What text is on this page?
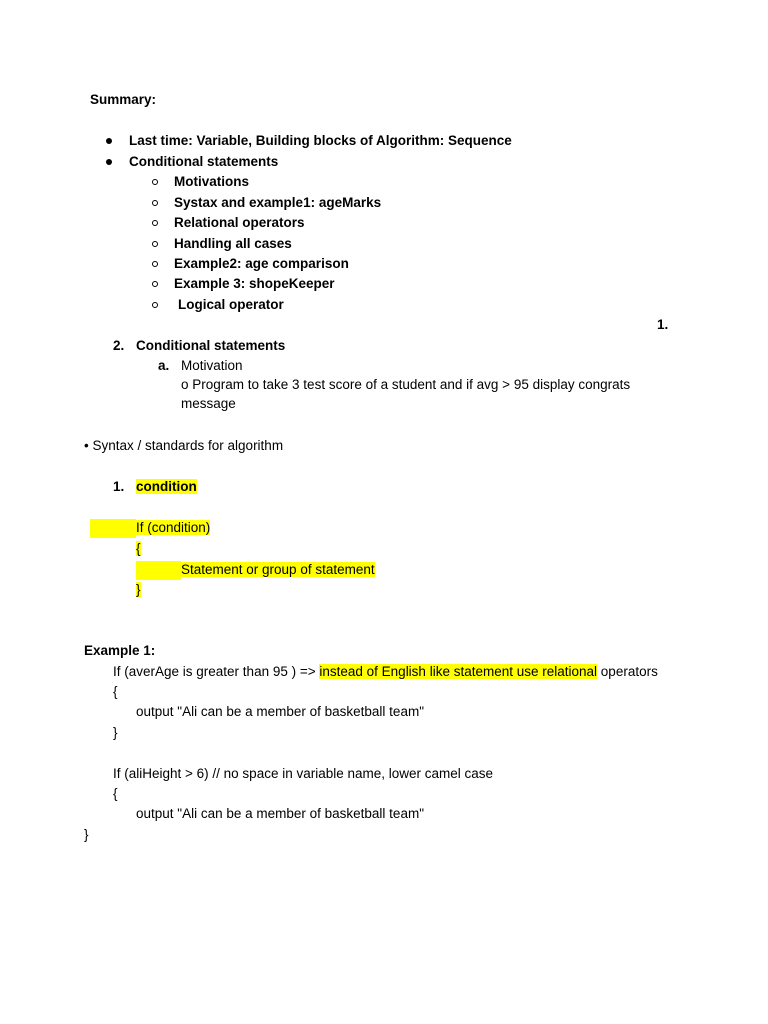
Summary:
Last time: Variable, Building blocks of Algorithm: Sequence
Conditional statements
Motivations
Systax and example1: ageMarks
Relational operators
Handling all cases
Example2: age comparison
Example 3: shopeKeeper
Logical operator
1.
2. Conditional statements
a. Motivation
o Program to take 3 test score of a student and if avg > 95 display congrats
message
• Syntax / standards for algorithm
1. condition
If (condition)
{
Statement or group of statement
}
Example 1:
If (averAge is greater than 95 ) => instead of English like statement use relational operators
{
output "Ali can be a member of basketball team"
}
If (aliHeight > 6) // no space in variable name, lower camel case
{
output "Ali can be a member of basketball team"
}
